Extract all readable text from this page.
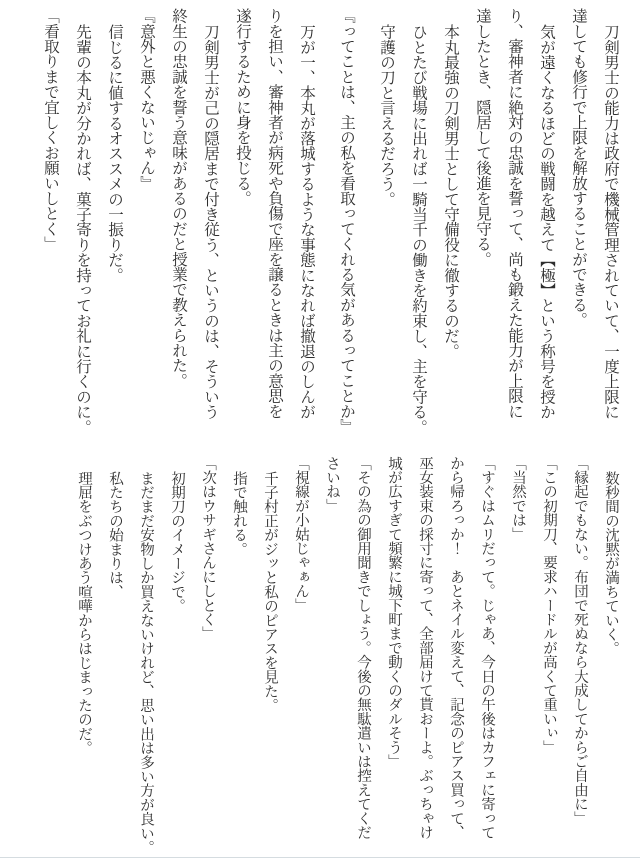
刀剣男士の能力は政府で機械管理されていて、一度上限に
達しても修行で上限を解放することができる。
気が遠くなるほどの戦闘を越えて【極】という称号を授か
り、審神者に絶対の忠誠を誓って、尚も鍛えた能力が上限に
達したとき、隠居して後進を見守る。
本丸最強の刀剣男士として守備役に徹するのだ。
ひとたび戦場に出れば一騎当千の働きを約束し、主を守る。
守護の刀と言えるだろう。
『ってことは、主の私を看取ってくれる気があるってことか』
万が一、本丸が落城するような事態になれば撤退のしんが
りを担い、審神者が病死や負傷で座を譲るときは主の意思を
遂行するために身を投じる。
刀剣男士が己の隠居まで付き従う、というのは、そういう
終生の忠誠を誓う意味があるのだと授業で教えられた。
『意外と悪くないじゃん』
信じるに値するオススメの一振りだ。
先輩の本丸が分かれば、菓子寄りを持ってお礼に行くのに。
「看取りまで宜しくお願いしとく」
数秒間の沈黙が満ちていく。
「縁起でもない。布団で死ぬなら大成してからご自由に」
「この初期刀、要求ハードルが高くて重いぃ」
「当然では」
「すぐはムリだって。じゃあ、今日の午後はカフェに寄って
から帰ろっか！　あとネイル変えて、記念のピアス買って、
巫女装束の採寸に寄って、全部届けて貰おーよ。ぶっちゃけ
城が広すぎて頻繁に城下町まで動くのダルそう」
「その為の御用聞きでしょう。今後の無駄遣いは控えてくだ
さいね」
「視線が小姑じゃぁん」
千子村正がジッと私のピアスを見た。
指で触れる。
「次はウサギさんにしとく」
初期刀のイメージで。
まだまだ安物しか買えないけれど、思い出は多い方が良い。
私たちの始まりは、
理屈をぶつけあう喧嘩からはじまったのだ。
